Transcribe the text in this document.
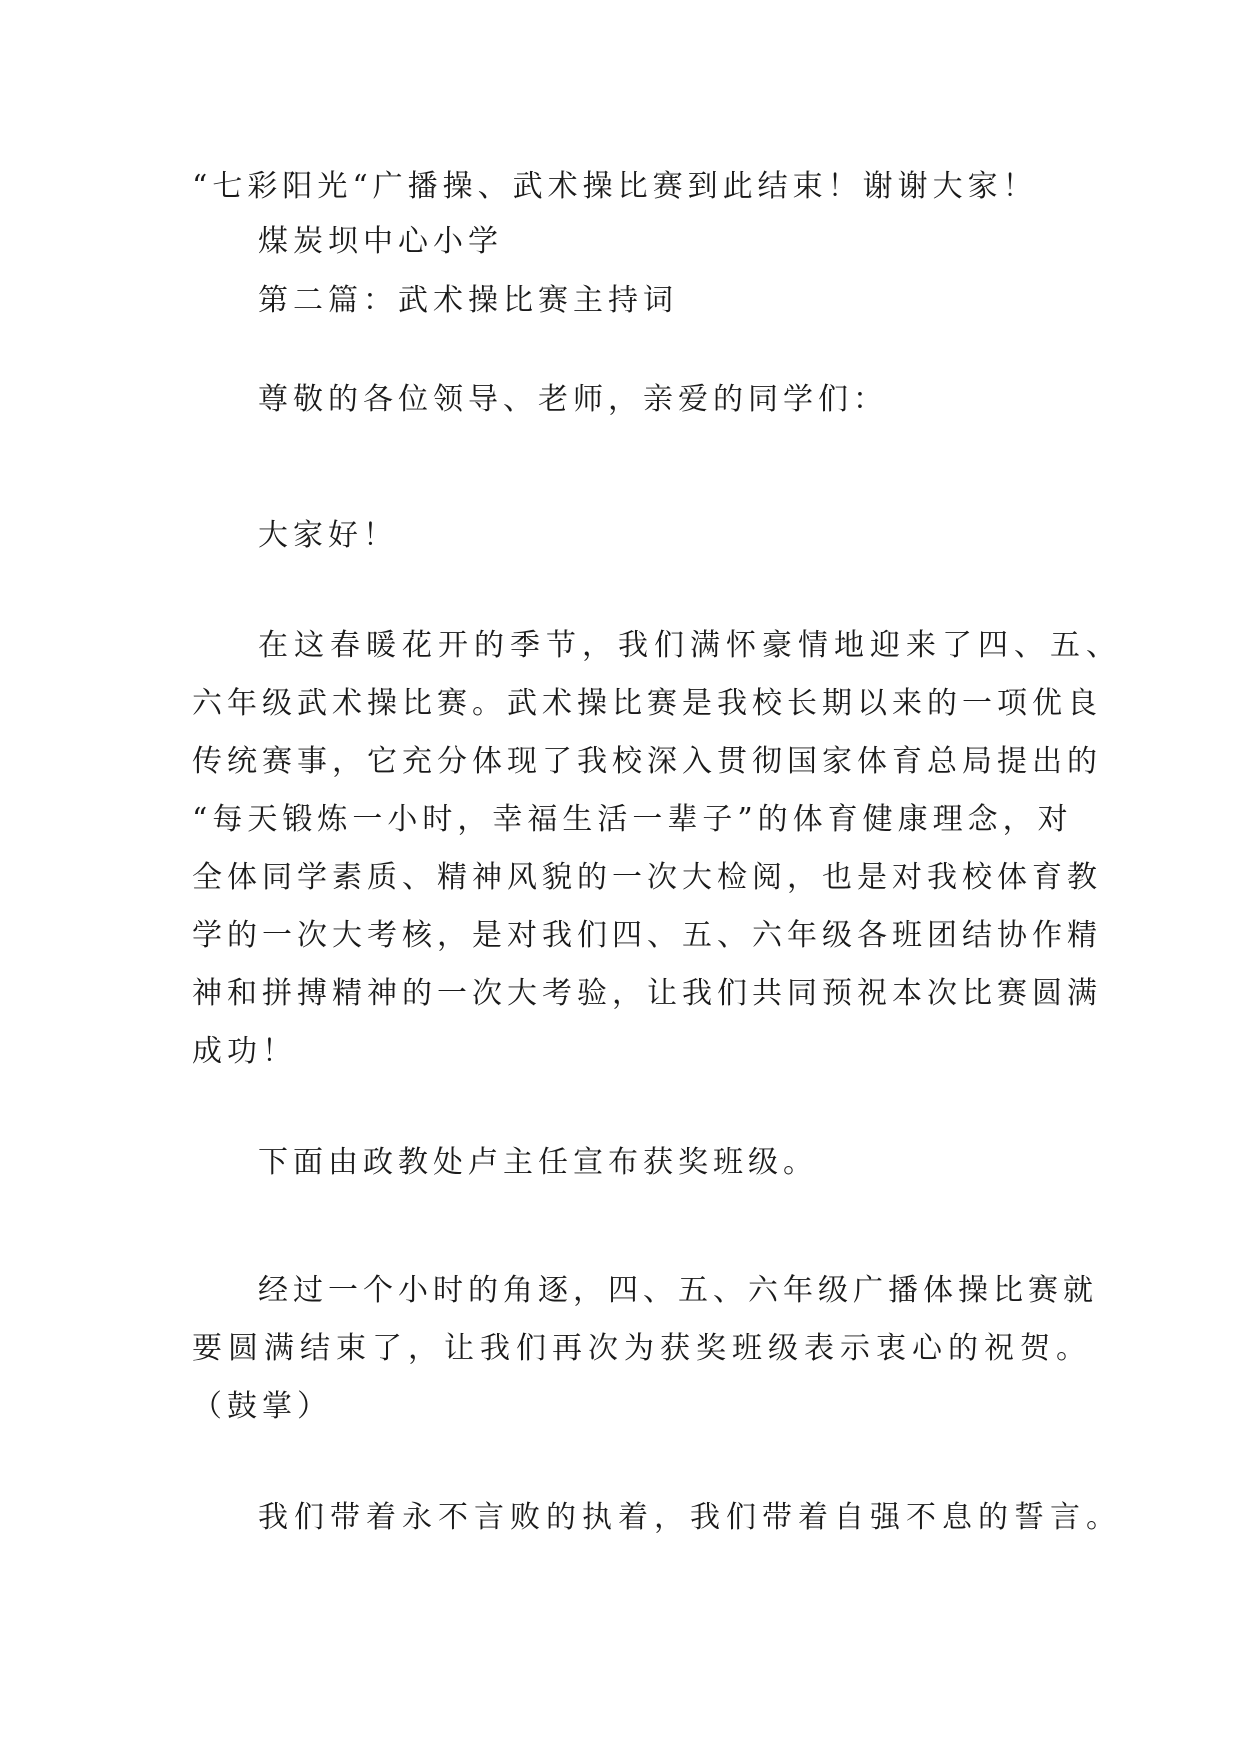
“七彩阳光“广播操、武术操比赛到此结束！谢谢大家！
煤炭坝中心小学
第二篇：武术操比赛主持词
尊敬的各位领导、老师，亲爱的同学们：
大家好！
在这春暖花开的季节，我们满怀豪情地迎来了四、五、
六年级武术操比赛。武术操比赛是我校长期以来的一项优良
传统赛事，它充分体现了我校深入贯彻国家体育总局提出的
“每天锻炼一小时，幸福生活一辈子”的体育健康理念，对
全体同学素质、精神风貌的一次大检阅，也是对我校体育教
学的一次大考核，是对我们四、五、六年级各班团结协作精
神和拼搏精神的一次大考验，让我们共同预祝本次比赛圆满
成功！
下面由政教处卢主任宣布获奖班级。
经过一个小时的角逐，四、五、六年级广播体操比赛就
要圆满结束了，让我们再次为获奖班级表示衷心的祝贺。
（鼓掌）
我们带着永不言败的执着，我们带着自强不息的誓言。
